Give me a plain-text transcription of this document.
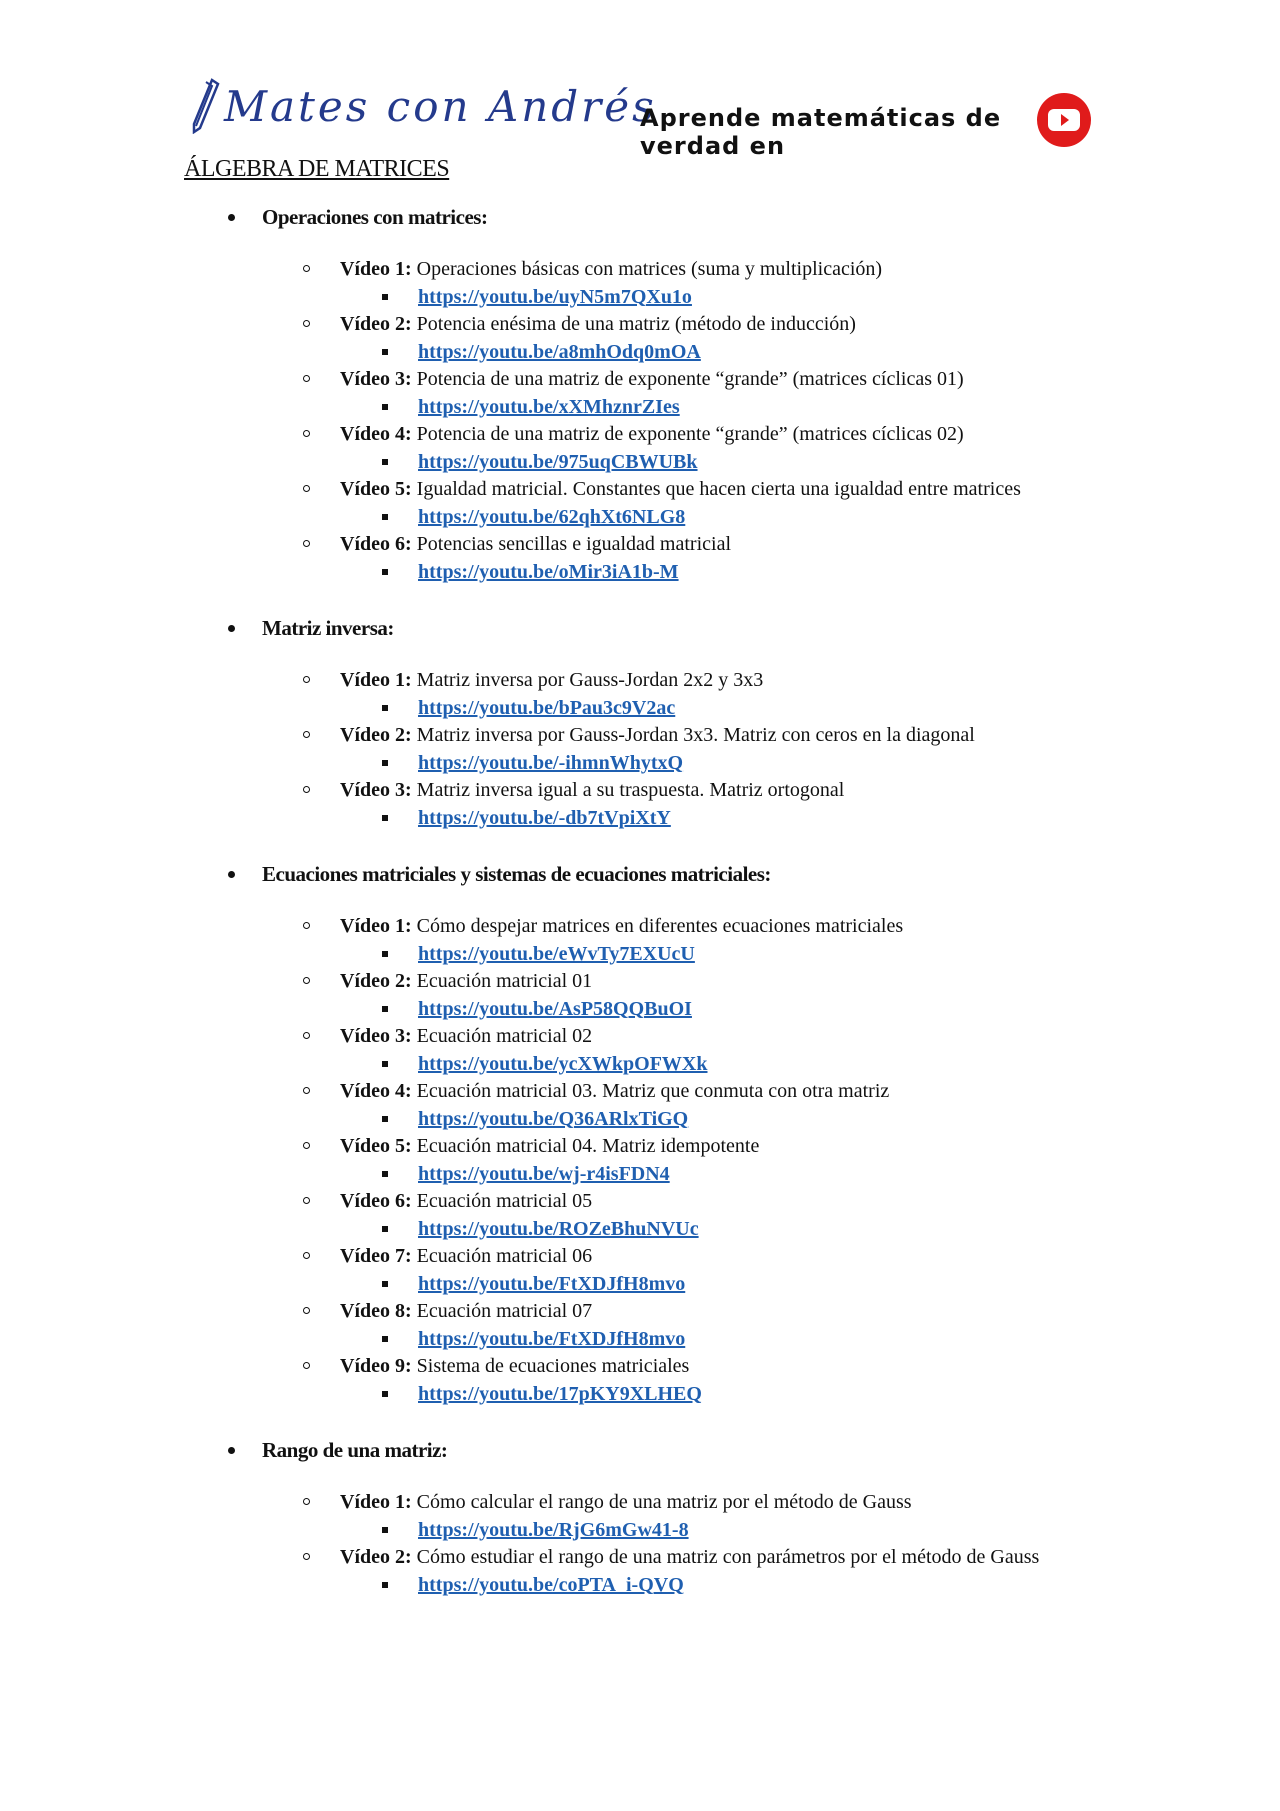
Mates con Andrés
Aprende matemáticas de verdad en
ÁLGEBRA DE MATRICES
Operaciones con matrices:
Vídeo 1: Operaciones básicas con matrices (suma y multiplicación)
https://youtu.be/uyN5m7QXu1o
Vídeo 2: Potencia enésima de una matriz (método de inducción)
https://youtu.be/a8mhOdq0mOA
Vídeo 3: Potencia de una matriz de exponente “grande” (matrices cíclicas 01)
https://youtu.be/xXMhznrZIes
Vídeo 4: Potencia de una matriz de exponente “grande” (matrices cíclicas 02)
https://youtu.be/975uqCBWUBk
Vídeo 5: Igualdad matricial. Constantes que hacen cierta una igualdad entre matrices
https://youtu.be/62qhXt6NLG8
Vídeo 6: Potencias sencillas e igualdad matricial
https://youtu.be/oMir3iA1b-M
Matriz inversa:
Vídeo 1: Matriz inversa por Gauss-Jordan 2x2 y 3x3
https://youtu.be/bPau3c9V2ac
Vídeo 2: Matriz inversa por Gauss-Jordan 3x3. Matriz con ceros en la diagonal
https://youtu.be/-ihmnWhytxQ
Vídeo 3: Matriz inversa igual a su traspuesta. Matriz ortogonal
https://youtu.be/-db7tVpiXtY
Ecuaciones matriciales y sistemas de ecuaciones matriciales:
Vídeo 1: Cómo despejar matrices en diferentes ecuaciones matriciales
https://youtu.be/eWvTy7EXUcU
Vídeo 2: Ecuación matricial 01
https://youtu.be/AsP58QQBuOI
Vídeo 3: Ecuación matricial 02
https://youtu.be/ycXWkpOFWXk
Vídeo 4: Ecuación matricial 03. Matriz que conmuta con otra matriz
https://youtu.be/Q36ARlxTiGQ
Vídeo 5: Ecuación matricial 04. Matriz idempotente
https://youtu.be/wj-r4isFDN4
Vídeo 6: Ecuación matricial 05
https://youtu.be/ROZeBhuNVUc
Vídeo 7: Ecuación matricial 06
https://youtu.be/FtXDJfH8mvo
Vídeo 8: Ecuación matricial 07
https://youtu.be/FtXDJfH8mvo
Vídeo 9: Sistema de ecuaciones matriciales
https://youtu.be/17pKY9XLHEQ
Rango de una matriz:
Vídeo 1: Cómo calcular el rango de una matriz por el método de Gauss
https://youtu.be/RjG6mGw41-8
Vídeo 2: Cómo estudiar el rango de una matriz con parámetros por el método de Gauss
https://youtu.be/coPTA_i-QVQ
